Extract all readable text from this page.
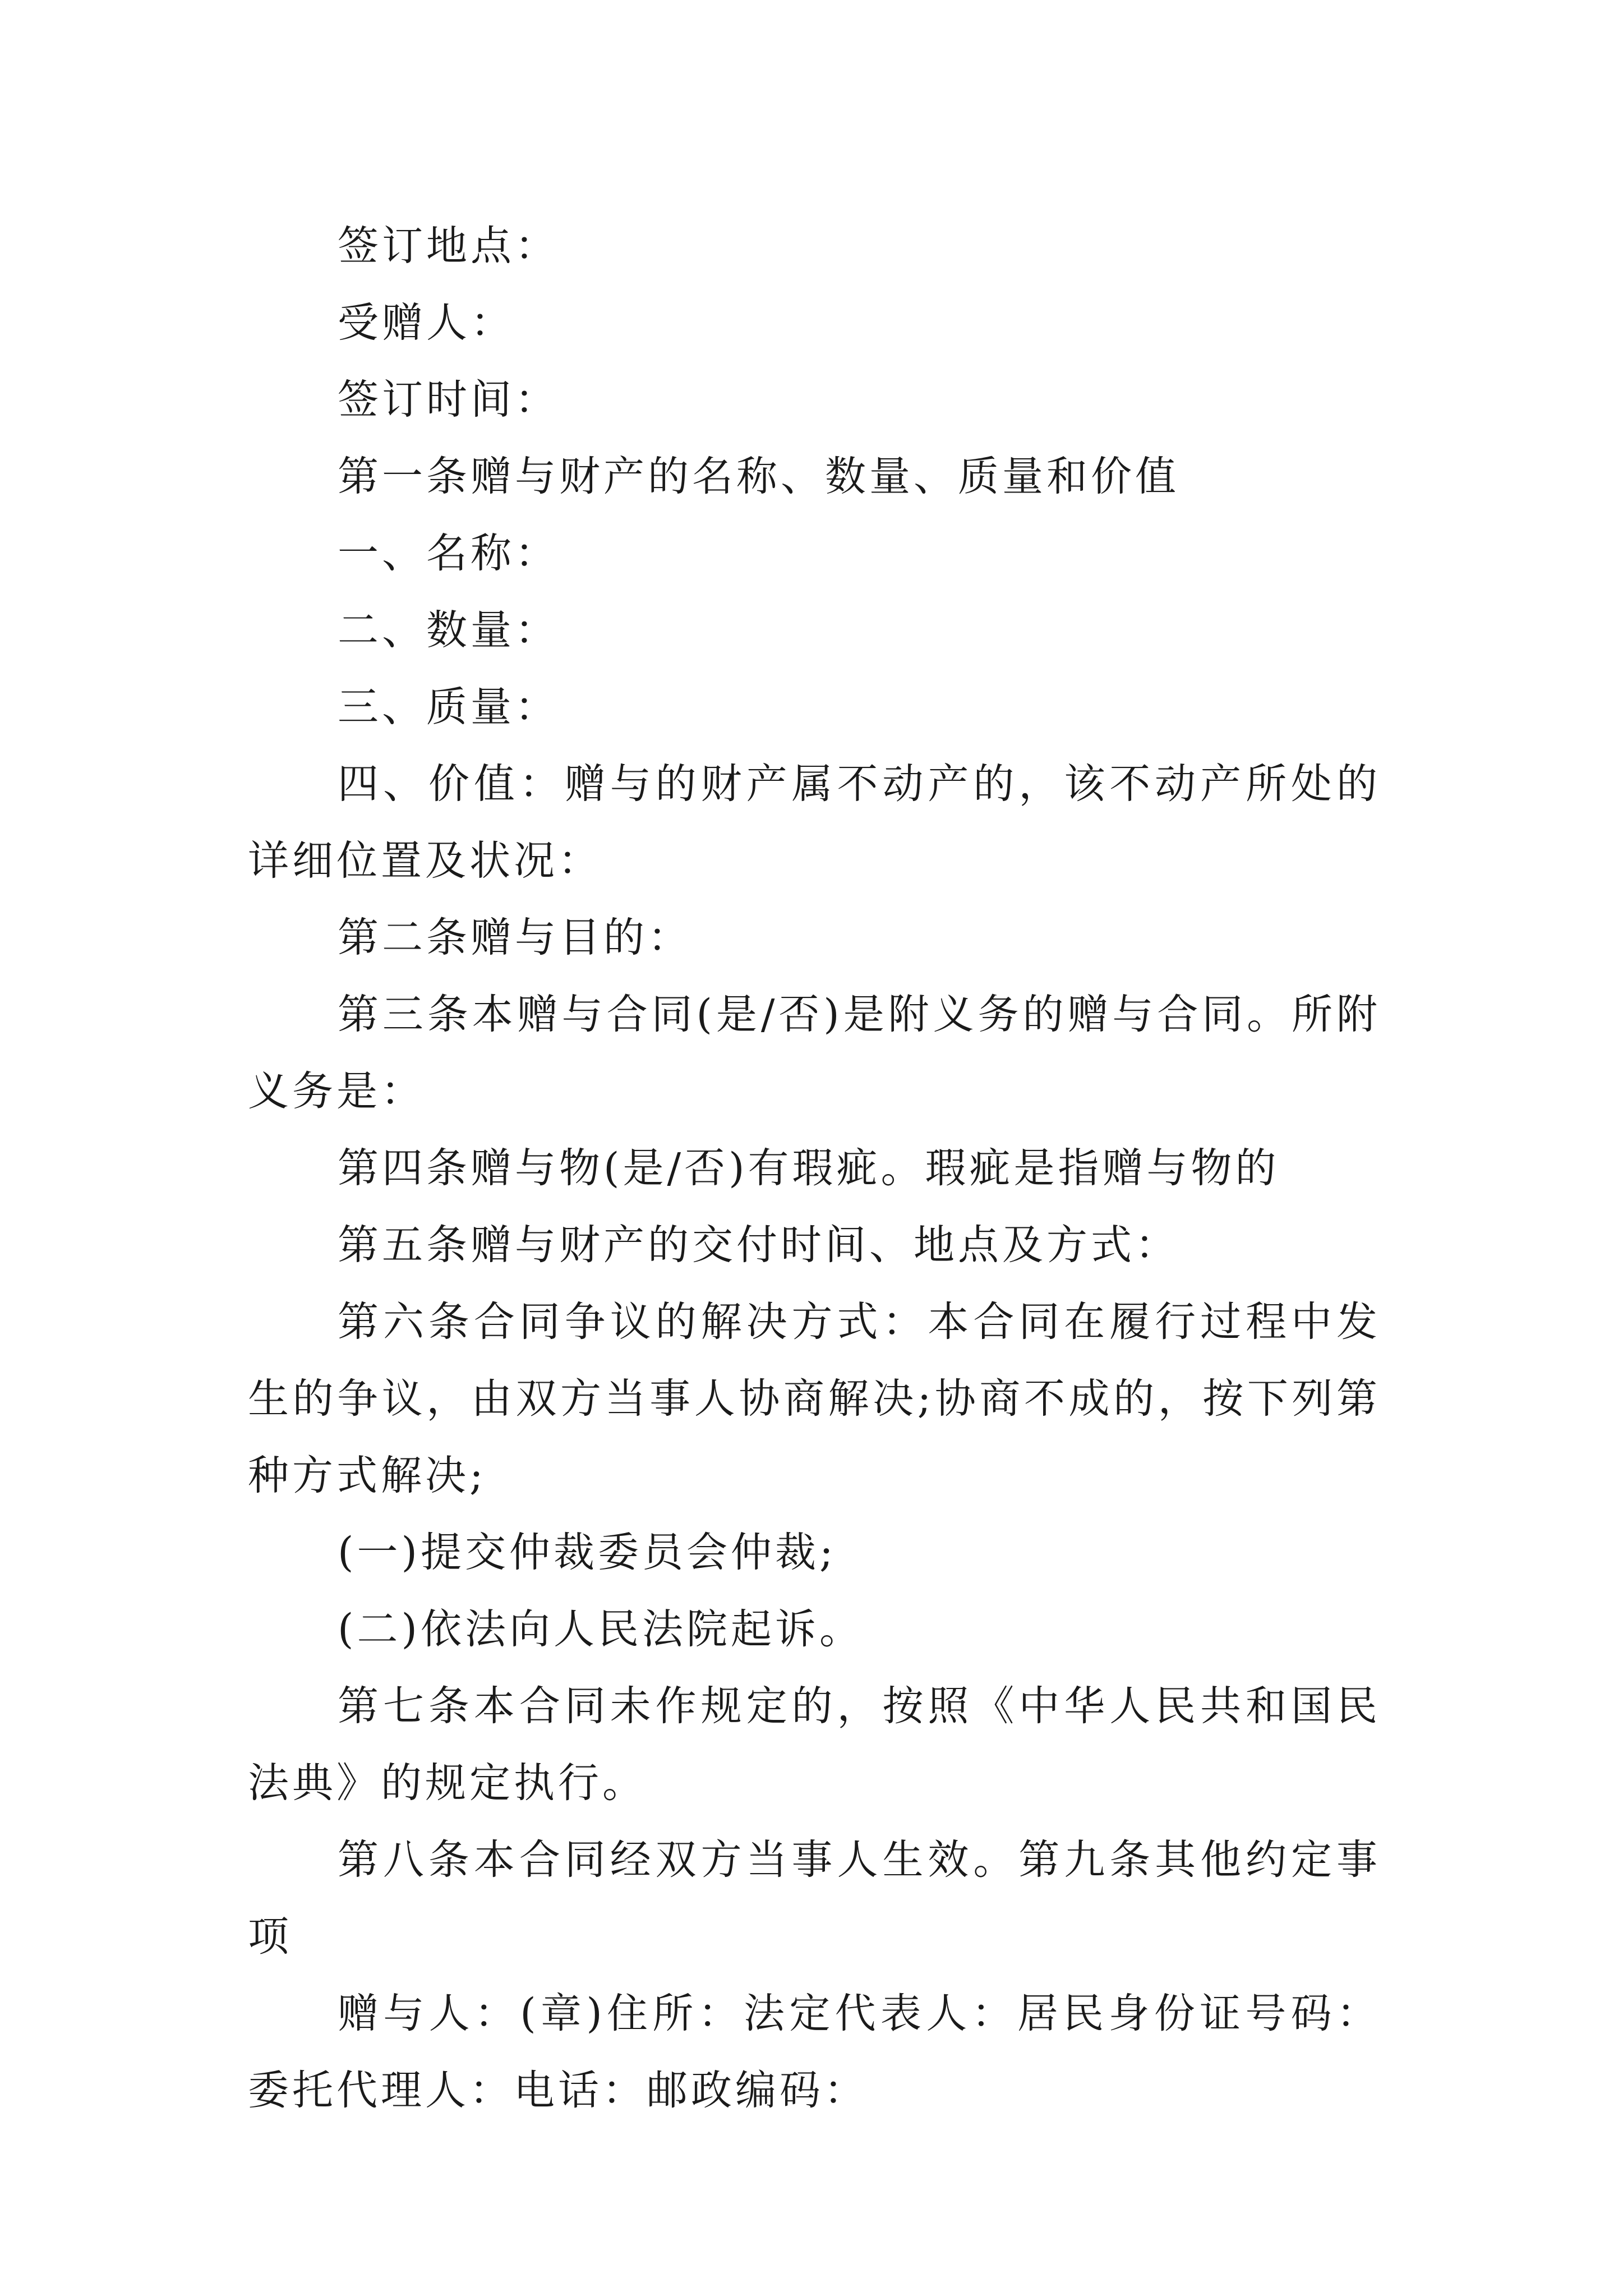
签订地点：

受赠人：

签订时间：

第一条赠与财产的名称、数量、质量和价值

一、名称：

二、数量：

三、质量：

四、价值：赠与的财产属不动产的，该不动产所处的详细位置及状况：

第二条赠与目的：

第三条本赠与合同(是/否)是附义务的赠与合同。所附义务是：

第四条赠与物(是/否)有瑕疵。瑕疵是指赠与物的

第五条赠与财产的交付时间、地点及方式：

第六条合同争议的解决方式：本合同在履行过程中发生的争议，由双方当事人协商解决;协商不成的，按下列第种方式解决;

(一)提交仲裁委员会仲裁;

(二)依法向人民法院起诉。

第七条本合同未作规定的，按照《中华人民共和国民法典》的规定执行。

第八条本合同经双方当事人生效。第九条其他约定事项

赠与人：(章)住所：法定代表人：居民身份证号码：委托代理人：电话：邮政编码：
